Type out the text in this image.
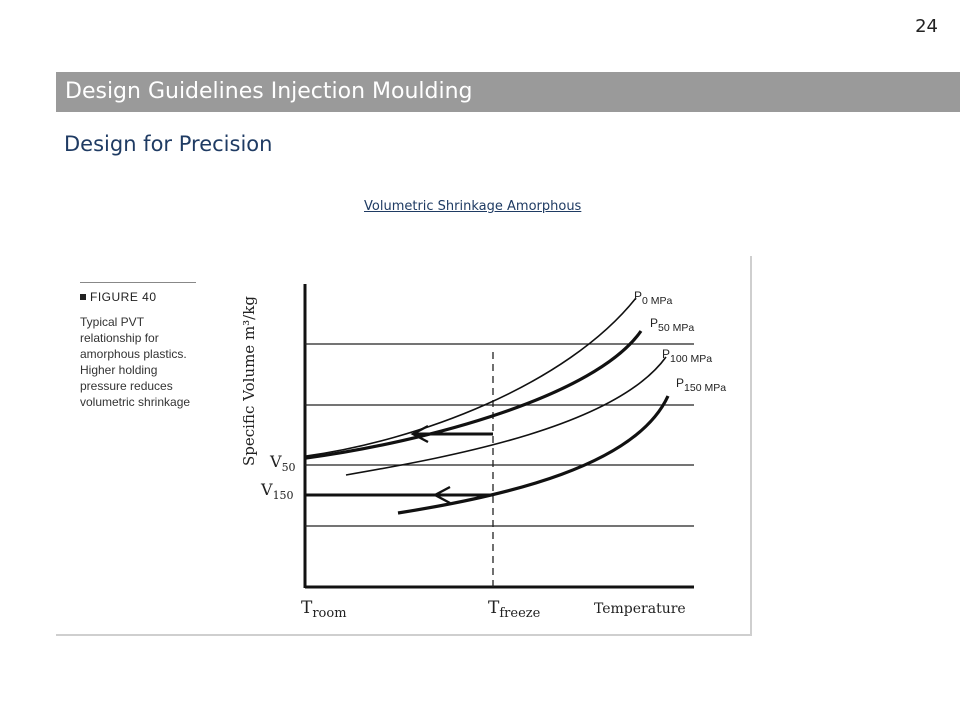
24
Design Guidelines Injection Moulding
Design for Precision
Volumetric Shrinkage Amorphous
FIGURE 40
Typical PVT relationship for amorphous plastics. Higher holding pressure reduces volumetric shrinkage	Specific Volume m³/kg $V_{50}$
$V_{150}$
$T_{room}$	$T_{freeze}$	Temperature
P0 MPa
P50 MPa
P100 MPa
P150 MPa
